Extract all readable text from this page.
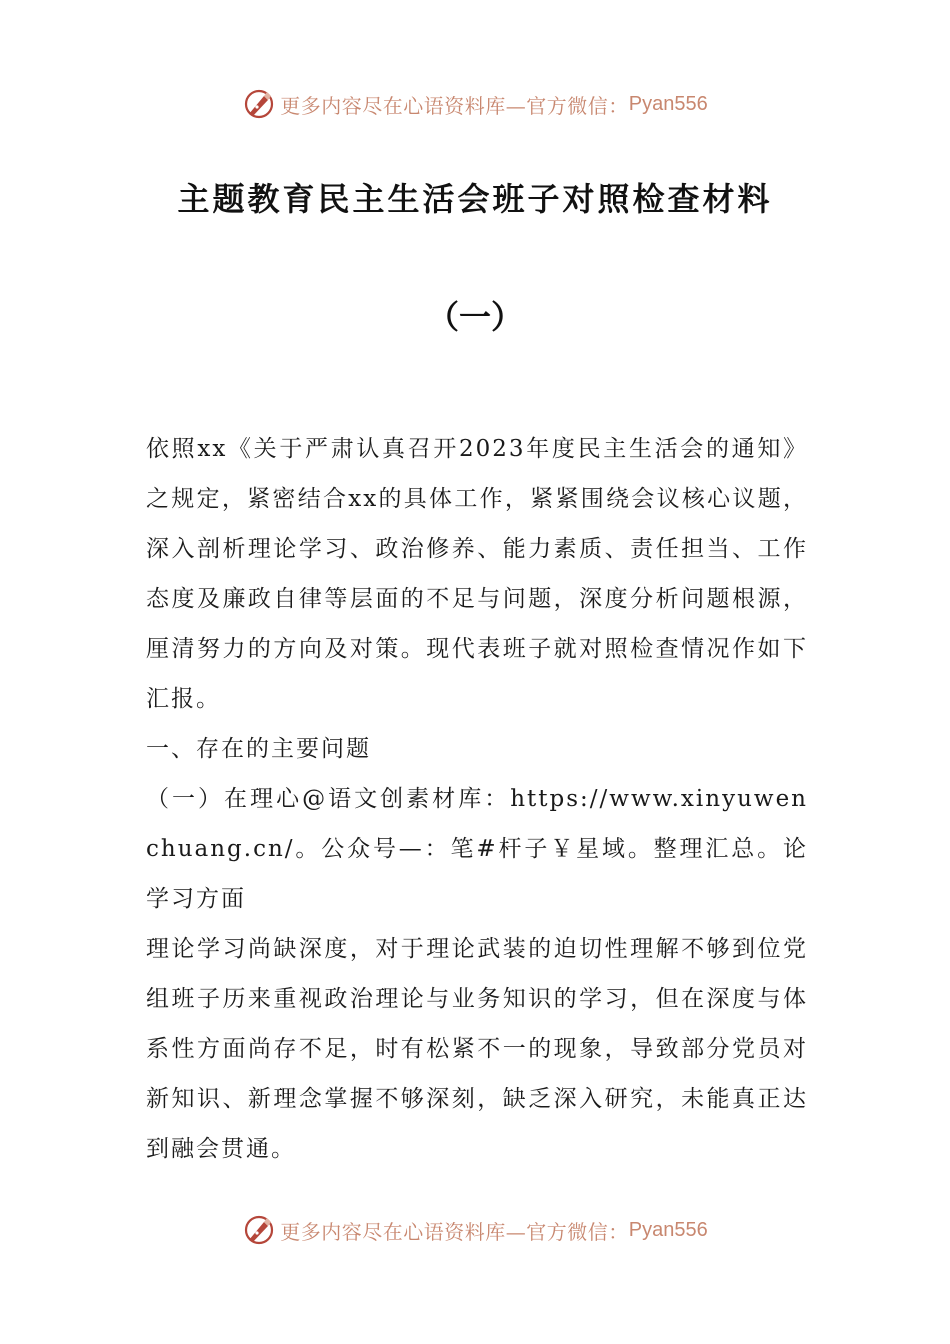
更多内容尽在心语资料库—官方微信： Pyan556
主题教育民主生活会班子对照检查材料
（一）

依照xx《关于严肃认真召开2023年度民主生活会的通知》之规定，紧密结合xx的具体工作，紧紧围绕会议核心议题，深入剖析理论学习、政治修养、能力素质、责任担当、工作态度及廉政自律等层面的不足与问题，深度分析问题根源，厘清努力的方向及对策。现代表班子就对照检查情况作如下汇报。

一、存在的主要问题

（一）在理心@语文创素材库：https://www.xinyuwenchuang.cn/。公众号—：笔#杆子￥星域。整理汇总。论学习方面

理论学习尚缺深度，对于理论武装的迫切性理解不够到位党组班子历来重视政治理论与业务知识的学习，但在深度与体系性方面尚存不足，时有松紧不一的现象，导致部分党员对新知识、新理念掌握不够深刻，缺乏深入研究，未能真正达到融会贯通。

更多内容尽在心语资料库—官方微信： Pyan556
